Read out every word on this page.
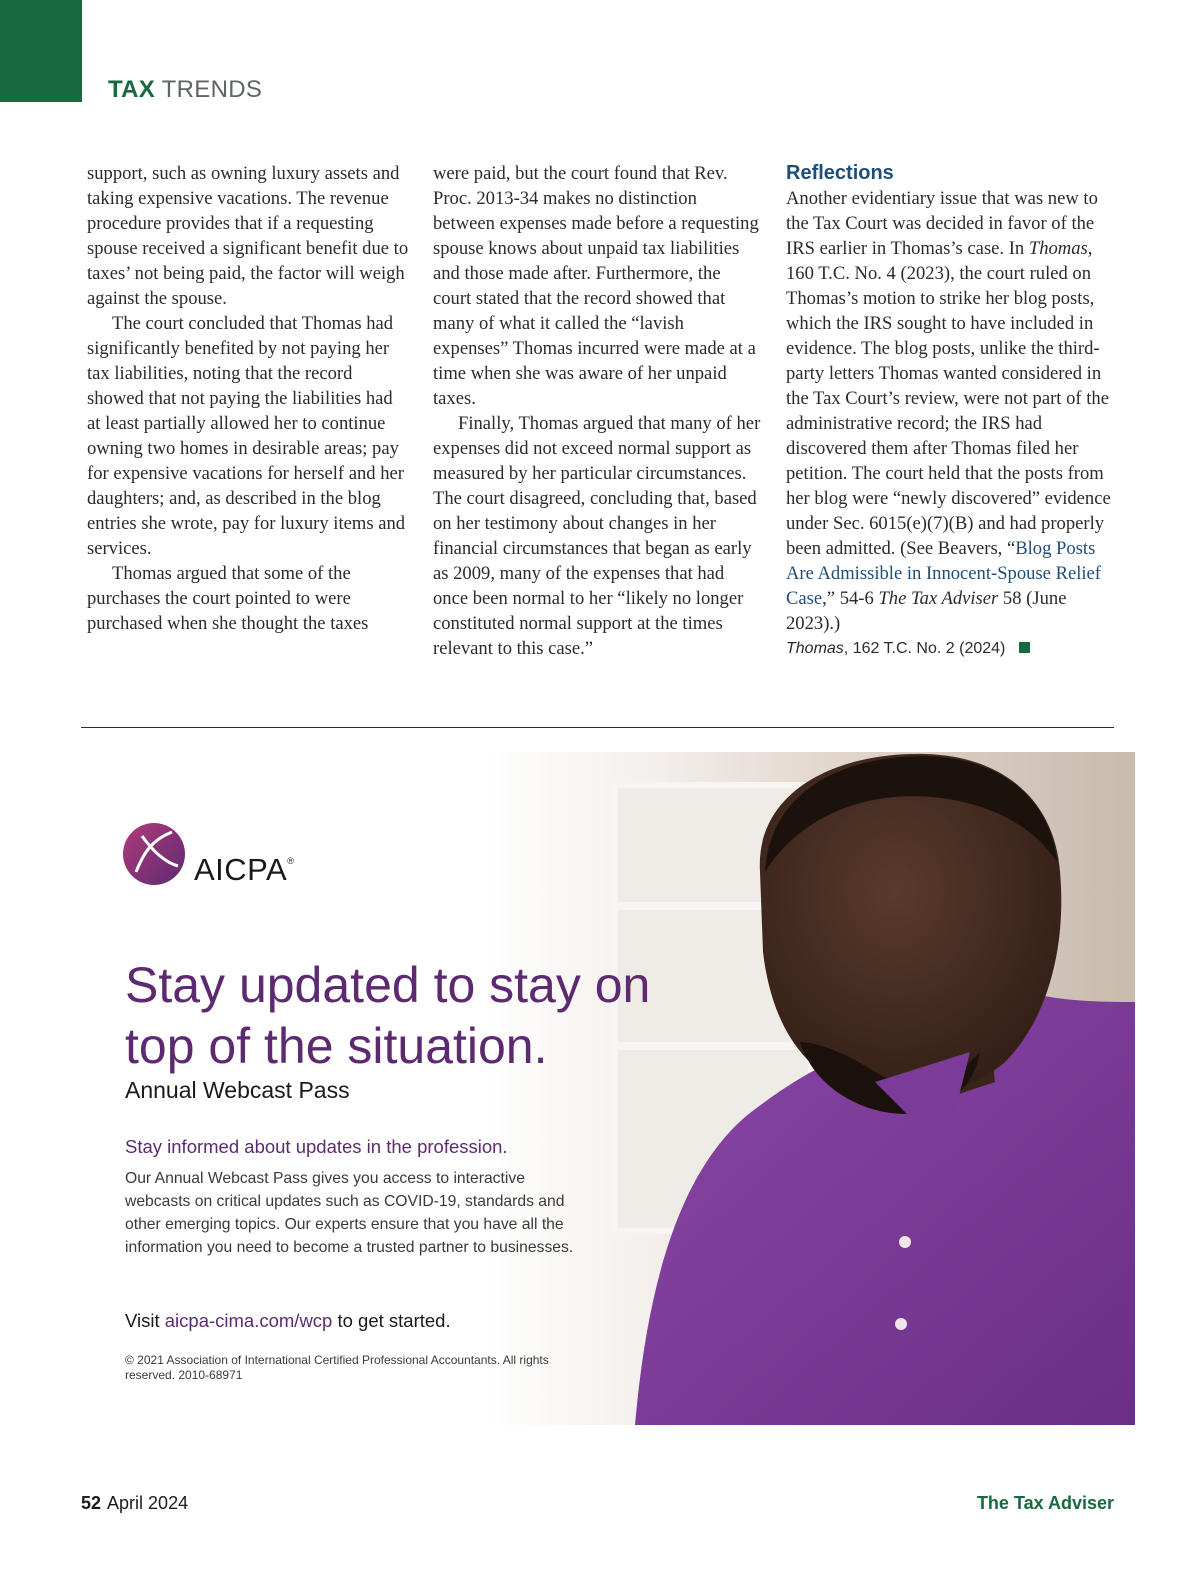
TAX TRENDS

support, such as owning luxury assets and taking expensive vacations. The revenue procedure provides that if a requesting spouse received a significant benefit due to taxes’ not being paid, the factor will weigh against the spouse.

The court concluded that Thomas had significantly benefited by not paying her tax liabilities, noting that the record showed that not paying the liabilities had at least partially allowed her to continue owning two homes in desirable areas; pay for expensive vacations for herself and her daughters; and, as described in the blog entries she wrote, pay for luxury items and services.

Thomas argued that some of the purchases the court pointed to were purchased when she thought the taxes

were paid, but the court found that Rev. Proc. 2013-34 makes no distinction between expenses made before a requesting spouse knows about unpaid tax liabilities and those made after. Furthermore, the court stated that the record showed that many of what it called the “lavish expenses” Thomas incurred were made at a time when she was aware of her unpaid taxes.

Finally, Thomas argued that many of her expenses did not exceed normal support as measured by her particular circumstances. The court disagreed, concluding that, based on her testimony about changes in her financial circumstances that began as early as 2009, many of the expenses that had once been normal to her “likely no longer constituted normal support at the times relevant to this case.”

Reflections

Another evidentiary issue that was new to the Tax Court was decided in favor of the IRS earlier in Thomas’s case. In Thomas, 160 T.C. No. 4 (2023), the court ruled on Thomas’s motion to strike her blog posts, which the IRS sought to have included in evidence. The blog posts, unlike the third-party letters Thomas wanted considered in the Tax Court’s review, were not part of the administrative record; the IRS had discovered them after Thomas filed her petition. The court held that the posts from her blog were “newly discovered” evidence under Sec. 6015(e)(7)(B) and had properly been admitted. (See Beavers, “Blog Posts Are Admissible in Innocent-Spouse Relief Case,” 54-6 The Tax Adviser 58 (June 2023).)

Thomas, 162 T.C. No. 2 (2024)

AICPA®
Stay updated to stay on top of the situation.
Annual Webcast Pass
Stay informed about updates in the profession.
Our Annual Webcast Pass gives you access to interactive webcasts on critical updates such as COVID-19, standards and other emerging topics. Our experts ensure that you have all the information you need to become a trusted partner to businesses.
Visit aicpa-cima.com/wcp to get started.
© 2021 Association of International Certified Professional Accountants. All rights reserved. 2010-68971
52 April 2024	The Tax Adviser
